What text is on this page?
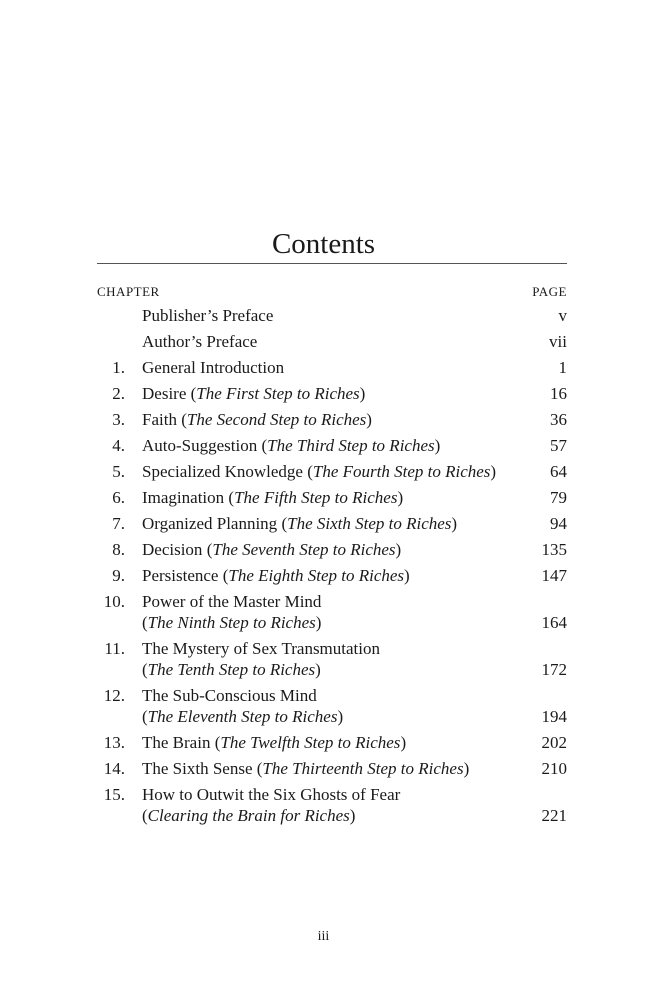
Contents
CHAPTER	PAGE
Publisher’s Preface	v
Author’s Preface	vii
1. General Introduction	1
2. Desire (The First Step to Riches)	16
3. Faith (The Second Step to Riches)	36
4. Auto-Suggestion (The Third Step to Riches)	57
5. Specialized Knowledge (The Fourth Step to Riches)	64
6. Imagination (The Fifth Step to Riches)	79
7. Organized Planning (The Sixth Step to Riches)	94
8. Decision (The Seventh Step to Riches)	135
9. Persistence (The Eighth Step to Riches)	147
10. Power of the Master Mind
(The Ninth Step to Riches)	164
11. The Mystery of Sex Transmutation
(The Tenth Step to Riches)	172
12. The Sub-Conscious Mind
(The Eleventh Step to Riches)	194
13. The Brain (The Twelfth Step to Riches)	202
14. The Sixth Sense (The Thirteenth Step to Riches)	210
15. How to Outwit the Six Ghosts of Fear
(Clearing the Brain for Riches)	221
iii
